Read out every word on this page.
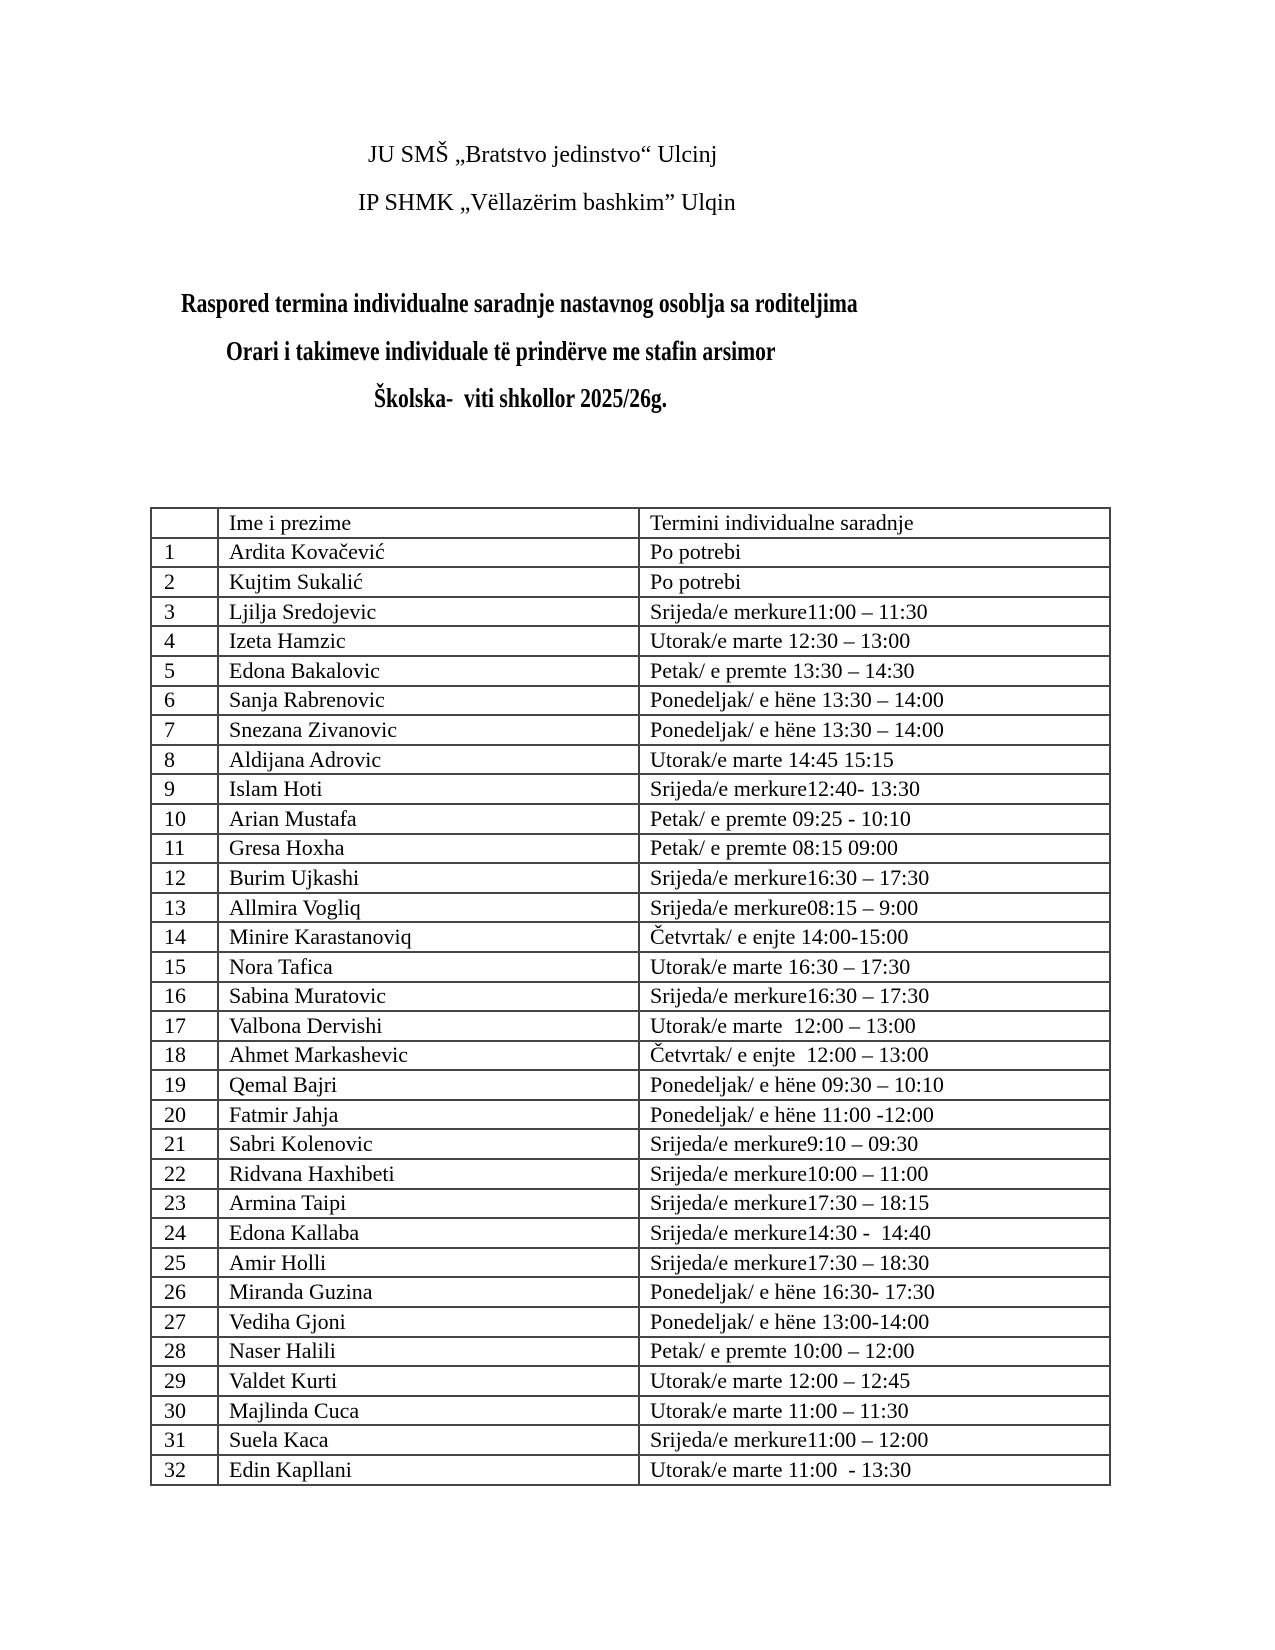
JU SMŠ „Bratstvo jedinstvo“ Ulcinj
IP SHMK „Vëllazërim bashkim” Ulqin
Raspored termina individualne saradnje nastavnog osoblja sa roditeljima
Orari i takimeve individuale të prindërve me stafin arsimor
Školska-  viti shkollor 2025/26g.
	Ime i prezime	Termini individualne saradnje
1	Ardita Kovačević	Po potrebi
2	Kujtim Sukalić	Po potrebi
3	Ljilja Sredojevic	Srijeda/e merkure11:00 – 11:30
4	Izeta Hamzic	Utorak/e marte 12:30 – 13:00
5	Edona Bakalovic	Petak/ e premte 13:30 – 14:30
6	Sanja Rabrenovic	Ponedeljak/ e hëne 13:30 – 14:00
7	Snezana Zivanovic	Ponedeljak/ e hëne 13:30 – 14:00
8	Aldijana Adrovic	Utorak/e marte 14:45 15:15
9	Islam Hoti	Srijeda/e merkure12:40- 13:30
10	Arian Mustafa	Petak/ e premte 09:25 - 10:10
11	Gresa Hoxha	Petak/ e premte 08:15 09:00
12	Burim Ujkashi	Srijeda/e merkure16:30 – 17:30
13	Allmira Vogliq	Srijeda/e merkure08:15 – 9:00
14	Minire Karastanoviq	Četvrtak/ e enjte 14:00-15:00
15	Nora Tafica	Utorak/e marte 16:30 – 17:30
16	Sabina Muratovic	Srijeda/e merkure16:30 – 17:30
17	Valbona Dervishi	Utorak/e marte  12:00 – 13:00
18	Ahmet Markashevic	Četvrtak/ e enjte  12:00 – 13:00
19	Qemal Bajri	Ponedeljak/ e hëne 09:30 – 10:10
20	Fatmir Jahja	Ponedeljak/ e hëne 11:00 -12:00
21	Sabri Kolenovic	Srijeda/e merkure9:10 – 09:30
22	Ridvana Haxhibeti	Srijeda/e merkure10:00 – 11:00
23	Armina Taipi	Srijeda/e merkure17:30 – 18:15
24	Edona Kallaba	Srijeda/e merkure14:30 -  14:40
25	Amir Holli	Srijeda/e merkure17:30 – 18:30
26	Miranda Guzina	Ponedeljak/ e hëne 16:30- 17:30
27	Vediha Gjoni	Ponedeljak/ e hëne 13:00-14:00
28	Naser Halili	Petak/ e premte 10:00 – 12:00
29	Valdet Kurti	Utorak/e marte 12:00 – 12:45
30	Majlinda Cuca	Utorak/e marte 11:00 – 11:30
31	Suela Kaca	Srijeda/e merkure11:00 – 12:00
32	Edin Kapllani	Utorak/e marte 11:00  - 13:30
